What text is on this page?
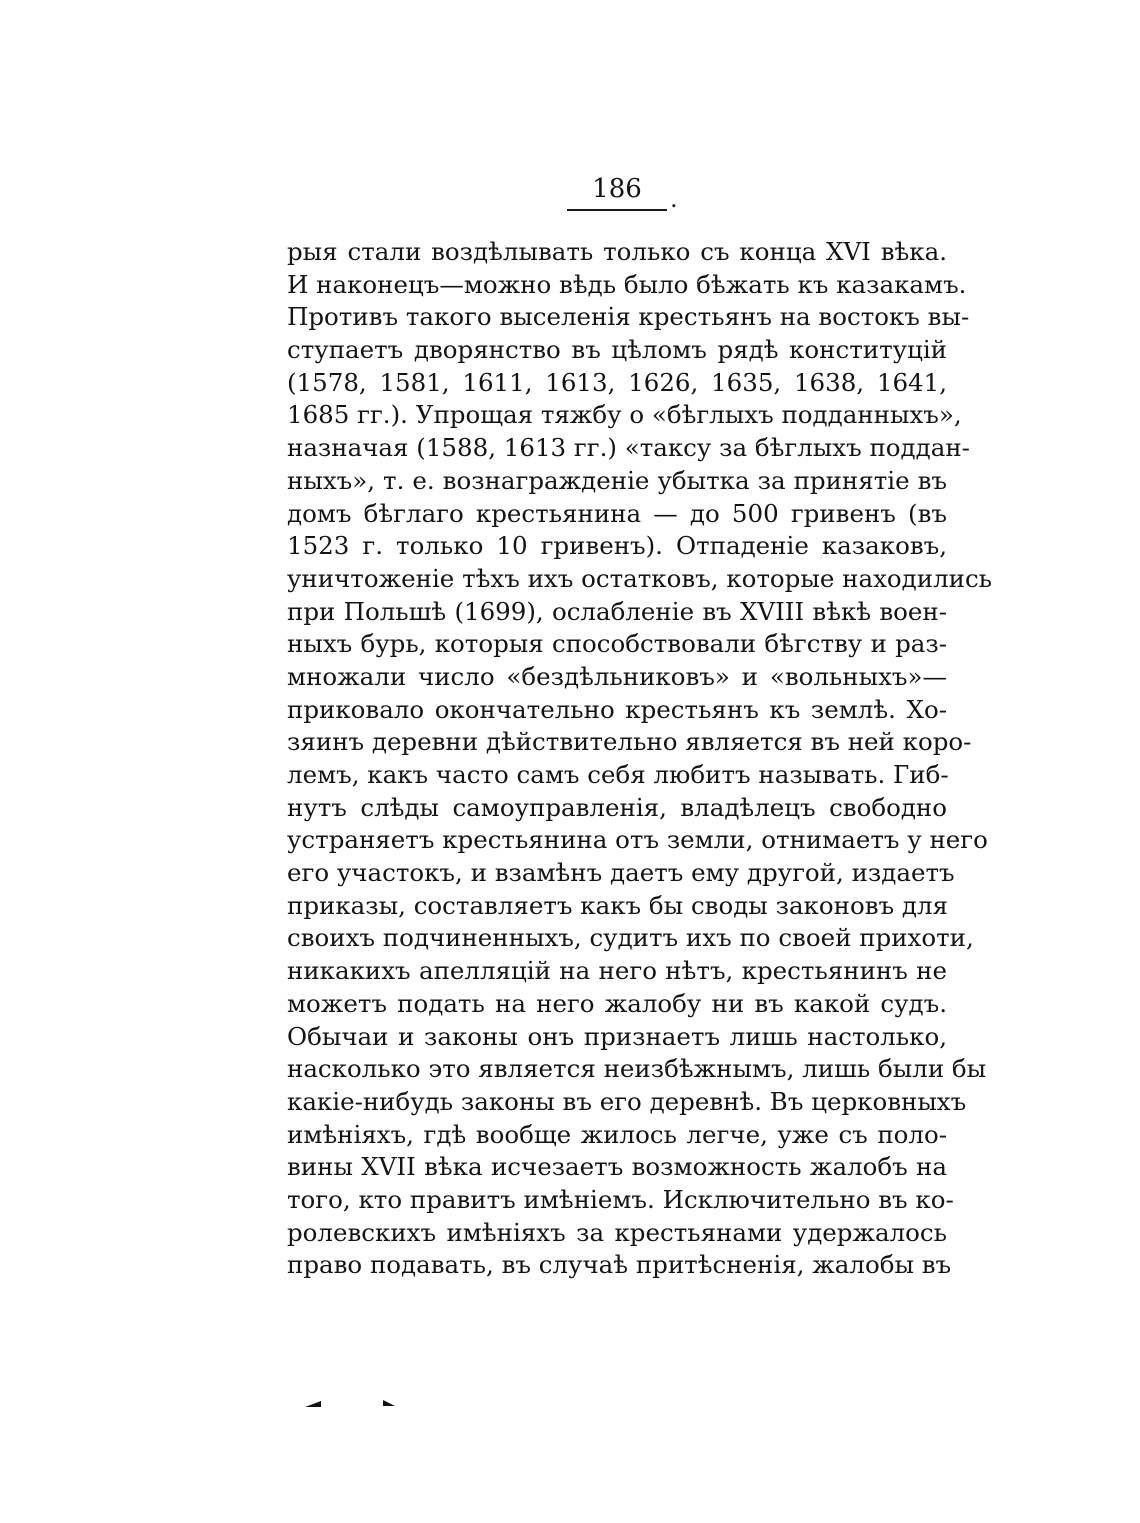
186	.
рыя стали воздѣлывать только съ конца XVI вѣка.
И наконецъ—можно вѣдь было бѣжать къ казакамъ.
Противъ такого выселенія крестьянъ на востокъ вы-
ступаетъ дворянство въ цѣломъ рядѣ конституцій
(1578, 1581, 1611, 1613, 1626, 1635, 1638, 1641,
1685 гг.). Упрощая тяжбу о «бѣглыхъ подданныхъ»,
назначая (1588, 1613 гг.) «таксу за бѣглыхъ поддан-
ныхъ», т. е. вознагражденіе убытка за принятіе въ
домъ бѣглаго крестьянина — до 500 гривенъ (въ
1523 г. только 10 гривенъ). Отпаденіе казаковъ,
уничтоженіе тѣхъ ихъ остатковъ, которые находились
при Польшѣ (1699), ослабленіе въ XVIII вѣкѣ воен-
ныхъ бурь, которыя способствовали бѣгству и раз-
множали число «бездѣльниковъ» и «вольныхъ»—
приковало окончательно крестьянъ къ землѣ. Хо-
зяинъ деревни дѣйствительно является въ ней коро-
лемъ, какъ часто самъ себя любитъ называть. Гиб-
нутъ слѣды самоуправленія, владѣлецъ свободно
устраняетъ крестьянина отъ земли, отнимаетъ у него
его участокъ, и взамѣнъ даетъ ему другой, издаетъ
приказы, составляетъ какъ бы своды законовъ для
своихъ подчиненныхъ, судитъ ихъ по своей прихоти,
никакихъ апелляцій на него нѣтъ, крестьянинъ не
можетъ подать на него жалобу ни въ какой судъ.
Обычаи и законы онъ признаетъ лишь настолько,
насколько это является неизбѣжнымъ, лишь были бы
какіе-нибудь законы въ его деревнѣ. Въ церковныхъ
имѣніяхъ, гдѣ вообще жилось легче, уже съ поло-
вины XVII вѣка исчезаетъ возможность жалобъ на
того, кто правитъ имѣніемъ. Исключительно въ ко-
ролевскихъ имѣніяхъ за крестьянами удержалось
право подавать, въ случаѣ притѣсненія, жалобы въ
